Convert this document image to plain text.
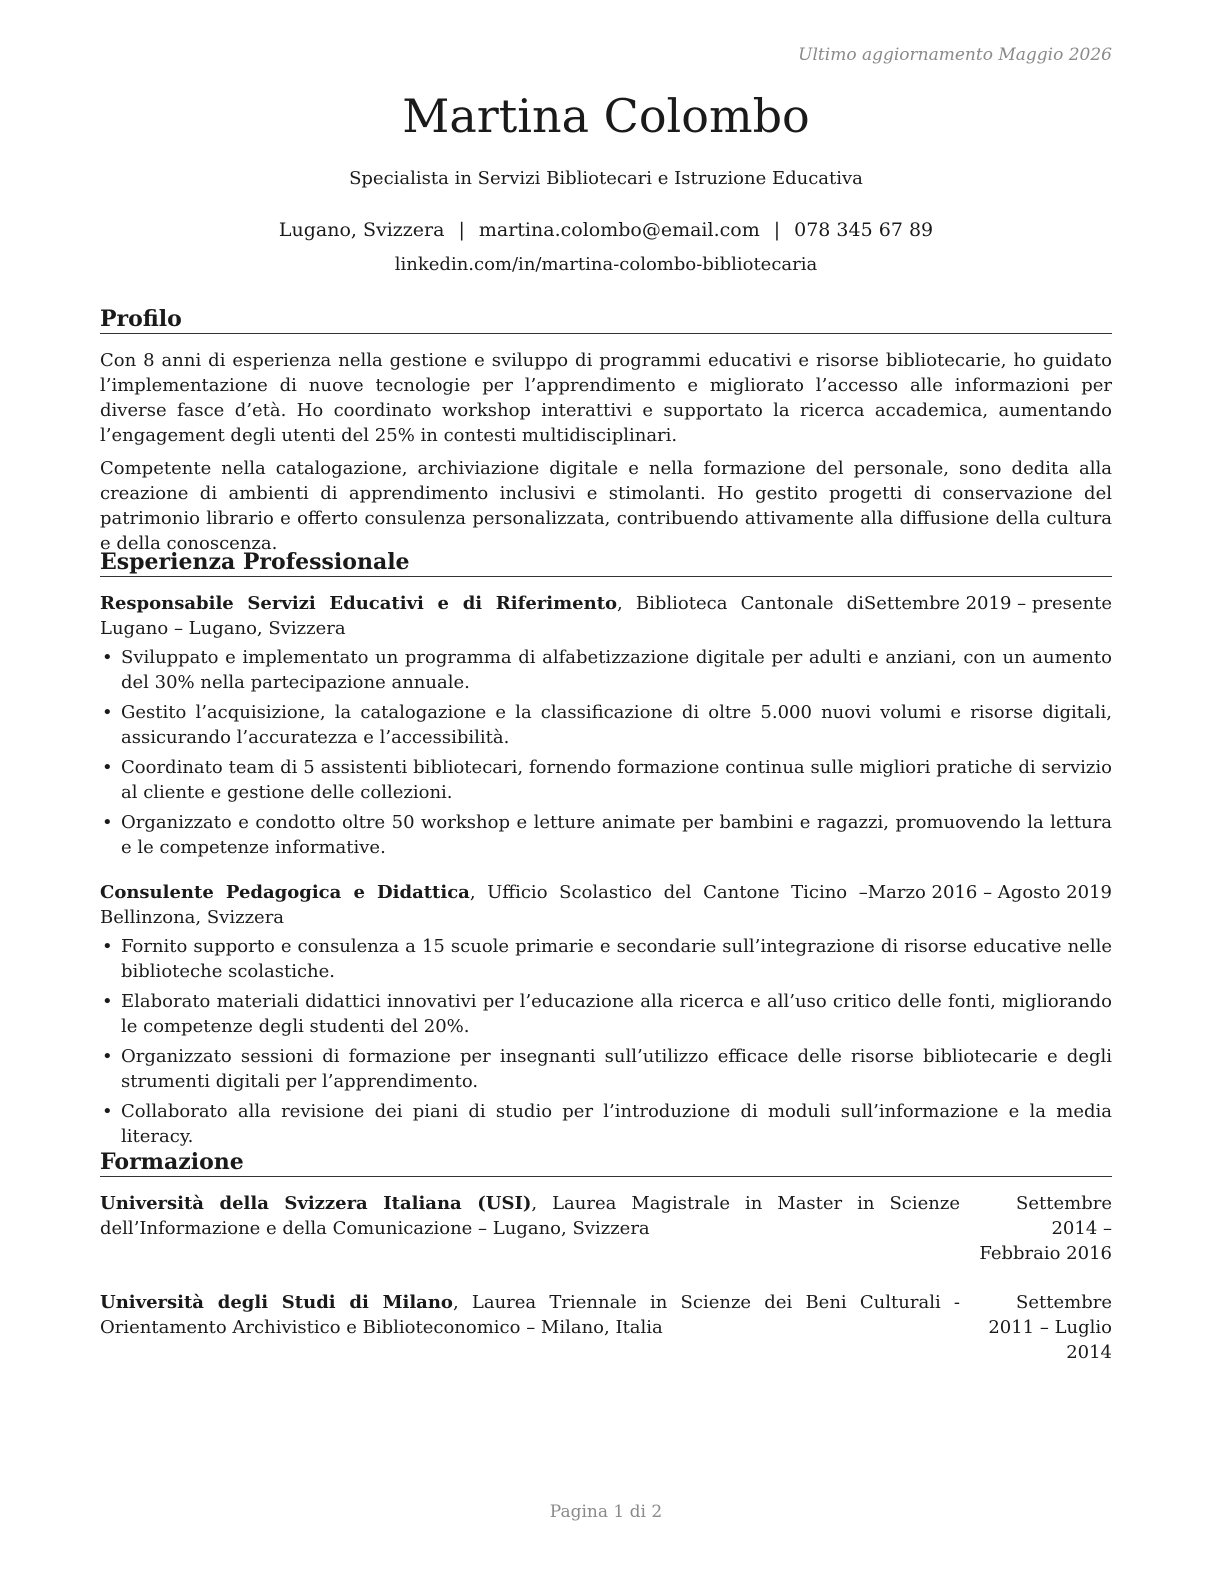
Ultimo aggiornamento Maggio 2026
Martina Colombo
Specialista in Servizi Bibliotecari e Istruzione Educativa
Lugano, Svizzera | martina.colombo@email.com | 078 345 67 89
linkedin.com/in/martina-colombo-bibliotecaria
Profilo

Con 8 anni di esperienza nella gestione e sviluppo di programmi educativi e risorse bibliotecarie, ho guidato l’implementazione di nuove tecnologie per l’apprendimento e migliorato l’accesso alle informazioni per diverse fasce d’età. Ho coordinato workshop interattivi e supportato la ricerca accademica, aumentando l’engagement degli utenti del 25% in contesti multidisciplinari.

Competente nella catalogazione, archiviazione digitale e nella formazione del personale, sono dedita alla creazione di ambienti di apprendimento inclusivi e stimolanti. Ho gestito progetti di conservazione del patrimonio librario e offerto consulenza personalizzata, contribuendo attivamente alla diffusione della cultura e della conoscenza.

Esperienza Professionale
Responsabile Servizi Educativi e di Riferimento, Biblioteca Cantonale di Lugano – Lugano, Svizzera
Settembre 2019 – presente
• Sviluppato e implementato un programma di alfabetizzazione digitale per adulti e anziani, con un aumento del 30% nella partecipazione annuale.
• Gestito l’acquisizione, la catalogazione e la classificazione di oltre 5.000 nuovi volumi e risorse digitali, assicurando l’accuratezza e l’accessibilità.
• Coordinato team di 5 assistenti bibliotecari, fornendo formazione continua sulle migliori pratiche di servizio al cliente e gestione delle collezioni.
• Organizzato e condotto oltre 50 workshop e letture animate per bambini e ragazzi, promuovendo la lettura e le competenze informative.
Consulente Pedagogica e Didattica, Ufficio Scolastico del Cantone Ticino – Bellinzona, Svizzera
Marzo 2016 – Agosto 2019
• Fornito supporto e consulenza a 15 scuole primarie e secondarie sull’integrazione di risorse educative nelle biblioteche scolastiche.
• Elaborato materiali didattici innovativi per l’educazione alla ricerca e all’uso critico delle fonti, migliorando le competenze degli studenti del 20%.
• Organizzato sessioni di formazione per insegnanti sull’utilizzo efficace delle risorse bibliotecarie e degli strumenti digitali per l’apprendimento.
• Collaborato alla revisione dei piani di studio per l’introduzione di moduli sull’informazione e la media literacy.
Formazione
Università della Svizzera Italiana (USI), Laurea Magistrale in Master in Scienze dell’Informazione e della Comunicazione – Lugano, Svizzera
Settembre 2014 – Febbraio 2016
Università degli Studi di Milano, Laurea Triennale in Scienze dei Beni Culturali - Orientamento Archivistico e Biblioteconomico – Milano, Italia
Settembre 2011 – Luglio 2014
Pagina 1 di 2
